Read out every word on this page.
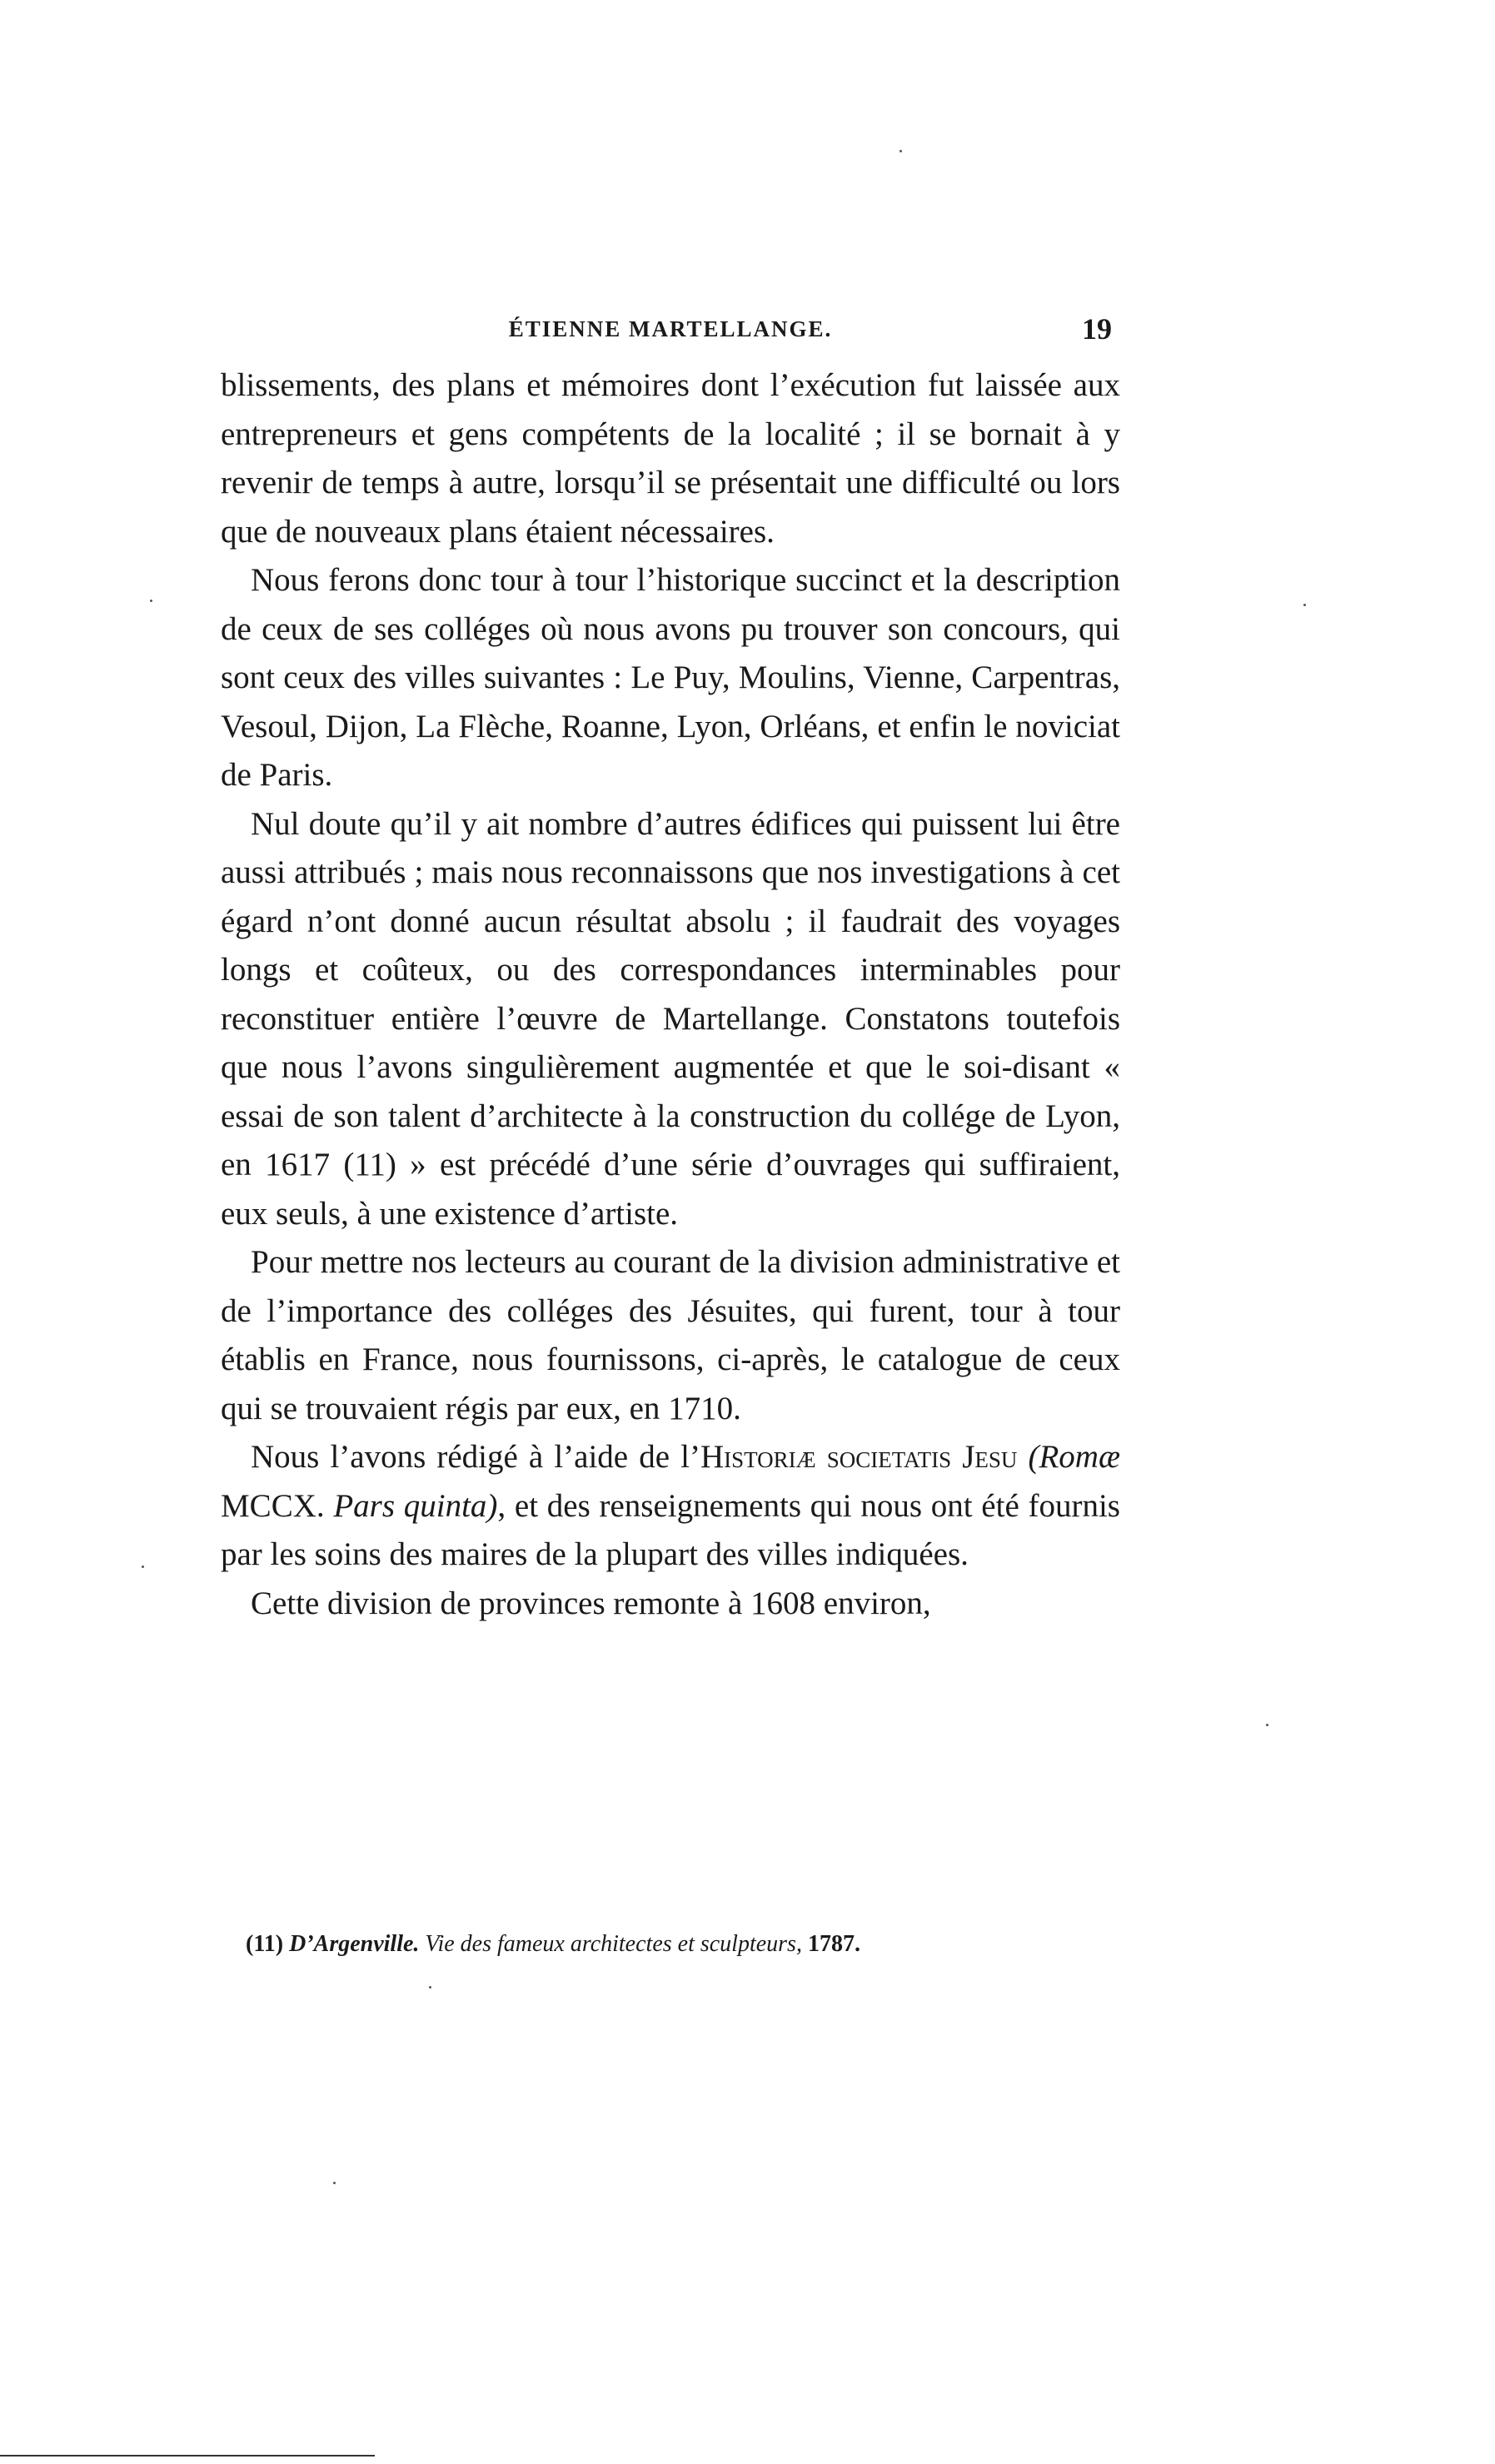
ÉTIENNE MARTELLANGE.	19

blissements, des plans et mémoires dont l’exécution fut laissée aux entrepreneurs et gens compétents de la localité ; il se bornait à y revenir de temps à autre, lorsqu’il se présentait une difficulté ou lors que de nouveaux plans étaient nécessaires.

Nous ferons donc tour à tour l’historique succinct et la description de ceux de ses colléges où nous avons pu trouver son concours, qui sont ceux des villes suivantes : Le Puy, Moulins, Vienne, Carpentras, Vesoul, Dijon, La Flèche, Roanne, Lyon, Orléans, et enfin le noviciat de Paris.

Nul doute qu’il y ait nombre d’autres édifices qui puissent lui être aussi attribués ; mais nous reconnaissons que nos investigations à cet égard n’ont donné aucun résultat absolu ; il faudrait des voyages longs et coûteux, ou des correspondances interminables pour reconstituer entière l’œuvre de Martellange. Constatons toutefois que nous l’avons singulièrement augmentée et que le soi-disant « essai de son talent d’architecte à la construction du collége de Lyon, en 1617 (11) » est précédé d’une série d’ouvrages qui suffiraient, eux seuls, à une existence d’artiste.

Pour mettre nos lecteurs au courant de la division administrative et de l’importance des colléges des Jésuites, qui furent, tour à tour établis en France, nous fournissons, ci-après, le catalogue de ceux qui se trouvaient régis par eux, en 1710.

Nous l’avons rédigé à l’aide de l’Historiæ societatis Jesu (Romæ MCCX. Pars quinta), et des renseignements qui nous ont été fournis par les soins des maires de la plupart des villes indiquées.

Cette division de provinces remonte à 1608 environ,

(11) D’Argenville. Vie des fameux architectes et sculpteurs, 1787.
